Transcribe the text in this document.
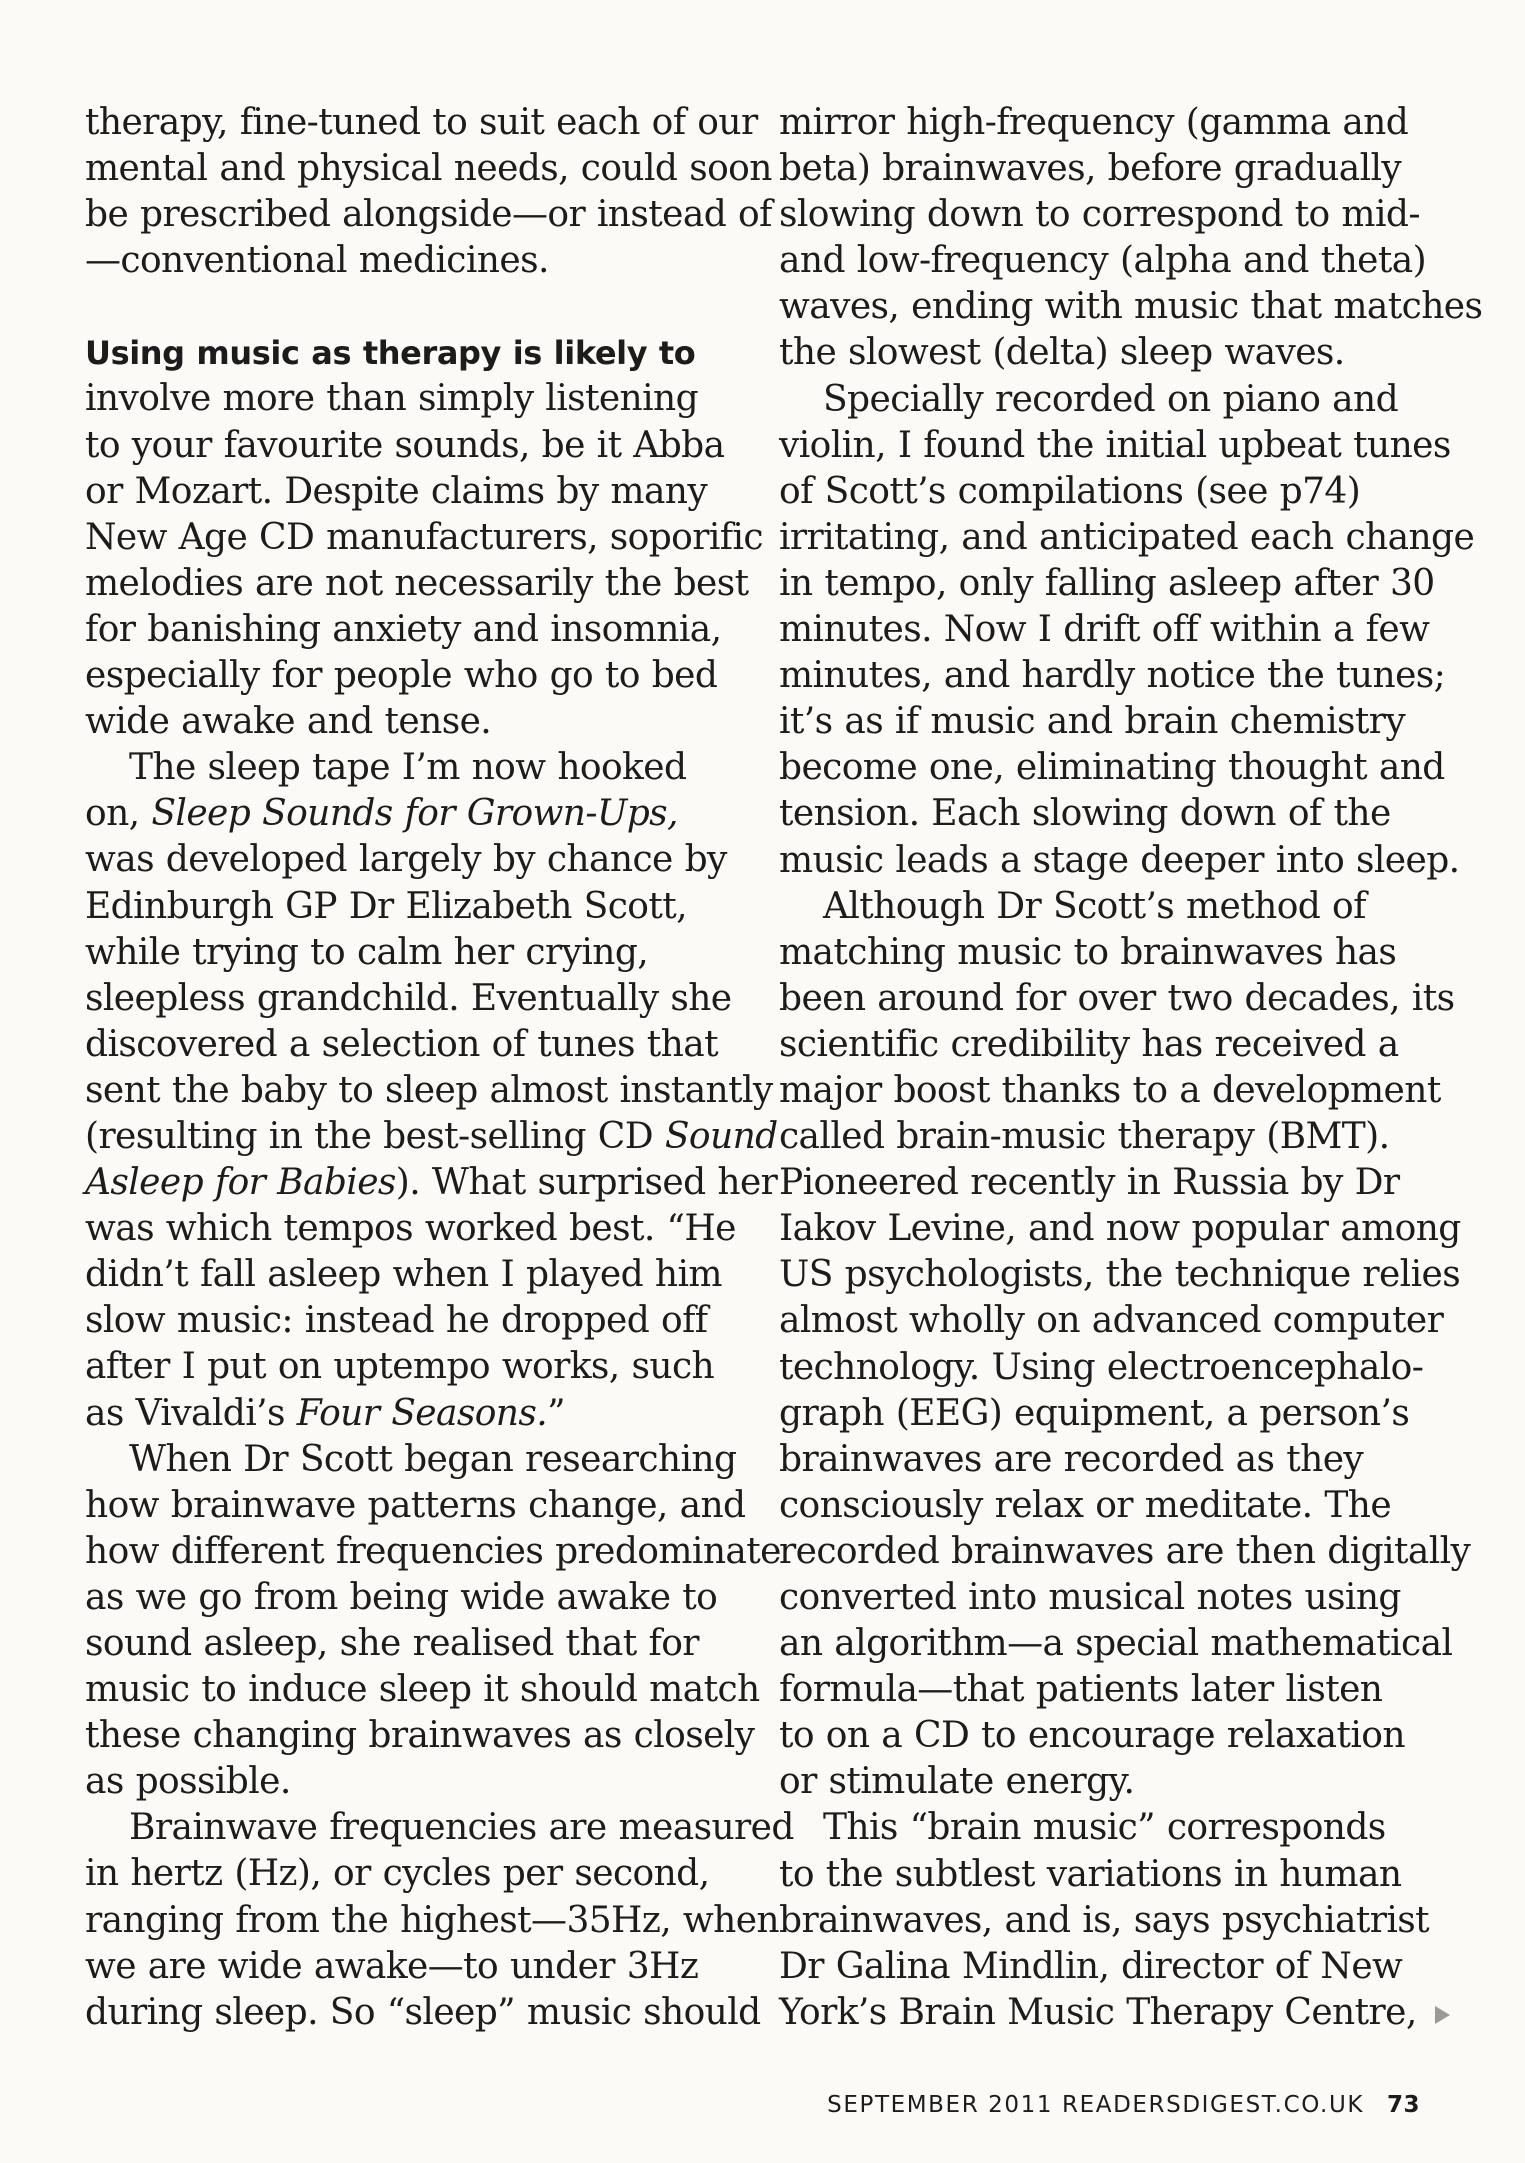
therapy, fine-tuned to suit each of our
mental and physical needs, could soon
be prescribed alongside—or instead of
—conventional medicines.
Using music as therapy is likely to
involve more than simply listening
to your favourite sounds, be it Abba
or Mozart. Despite claims by many
New Age CD manufacturers, soporific
melodies are not necessarily the best
for banishing anxiety and insomnia,
especially for people who go to bed
wide awake and tense.
The sleep tape I’m now hooked
on, Sleep Sounds for Grown-Ups,
was developed largely by chance by
Edinburgh GP Dr Elizabeth Scott,
while trying to calm her crying,
sleepless grandchild. Eventually she
discovered a selection of tunes that
sent the baby to sleep almost instantly
(resulting in the best-selling CD Sound
Asleep for Babies). What surprised her
was which tempos worked best. “He
didn’t fall asleep when I played him
slow music: instead he dropped off
after I put on uptempo works, such
as Vivaldi’s Four Seasons.”
When Dr Scott began researching
how brainwave patterns change, and
how different frequencies predominate
as we go from being wide awake to
sound asleep, she realised that for
music to induce sleep it should match
these changing brainwaves as closely
as possible.
Brainwave frequencies are measured
in hertz (Hz), or cycles per second,
ranging from the highest—35Hz, when
we are wide awake—to under 3Hz
during sleep. So “sleep” music should
mirror high-frequency (gamma and
beta) brainwaves, before gradually
slowing down to correspond to mid-
and low-frequency (alpha and theta)
waves, ending with music that matches
the slowest (delta) sleep waves.
Specially recorded on piano and
violin, I found the initial upbeat tunes
of Scott’s compilations (see p74)
irritating, and anticipated each change
in tempo, only falling asleep after 30
minutes. Now I drift off within a few
minutes, and hardly notice the tunes;
it’s as if music and brain chemistry
become one, eliminating thought and
tension. Each slowing down of the
music leads a stage deeper into sleep.
Although Dr Scott’s method of
matching music to brainwaves has
been around for over two decades, its
scientific credibility has received a
major boost thanks to a development
called brain-music therapy (BMT).
Pioneered recently in Russia by Dr
Iakov Levine, and now popular among
US psychologists, the technique relies
almost wholly on advanced computer
technology. Using electroencephalo-
graph (EEG) equipment, a person’s
brainwaves are recorded as they
consciously relax or meditate. The
recorded brainwaves are then digitally
converted into musical notes using
an algorithm—a special mathematical
formula—that patients later listen
to on a CD to encourage relaxation
or stimulate energy.
This “brain music” corresponds
to the subtlest variations in human
brainwaves, and is, says psychiatrist
Dr Galina Mindlin, director of New
York’s Brain Music Therapy Centre,
SEPTEMBER 2011 READERSDIGEST.CO.UK 73
